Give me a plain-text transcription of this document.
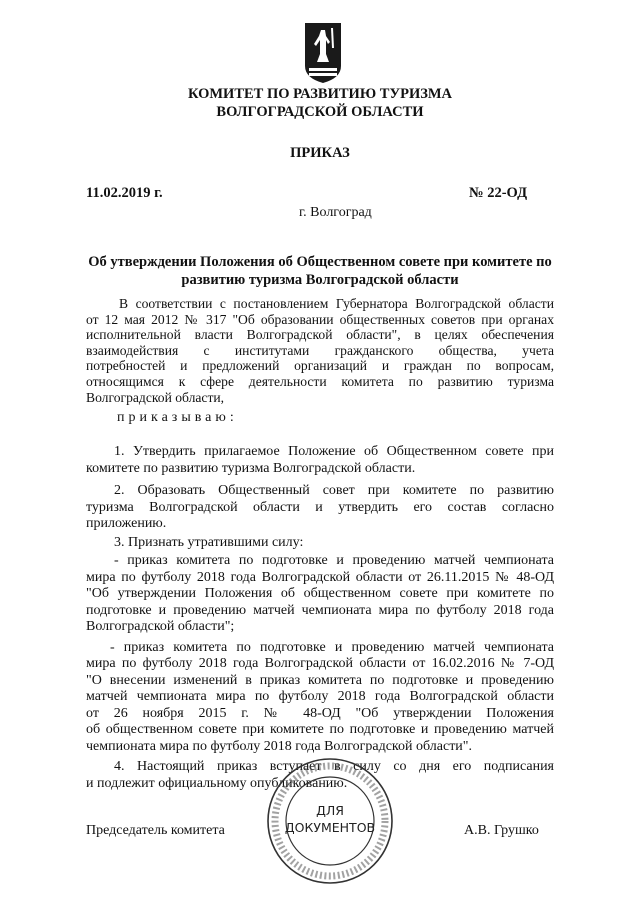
КОМИТЕТ ПО РАЗВИТИЮ ТУРИЗМА
ВОЛГОГРАДСКОЙ ОБЛАСТИ
ПРИКАЗ
11.02.2019 г.	№ 22-ОД
г. Волгоград
Об утверждении Положения об Общественном совете при комитете по
развитию туризма Волгоградской области
В соответствии с постановлением Губернатора Волгоградской области
от 12 мая 2012 № 317 "Об образовании общественных советов при органах
исполнительной власти Волгоградской области", в целях обеспечения
взаимодействия с институтами гражданского общества, учета
потребностей и предложений организаций и граждан по вопросам,
относящимся к сфере деятельности комитета по развитию туризма
Волгоградской области,
приказываю:
1. Утвердить прилагаемое Положение об Общественном совете при
комитете по развитию туризма Волгоградской области.
2. Образовать Общественный совет при комитете по развитию
туризма Волгоградской области и утвердить его состав согласно
приложению.
3. Признать утратившими силу:
- приказ комитета по подготовке и проведению матчей чемпионата
мира по футболу 2018 года Волгоградской области от 26.11.2015 № 48-ОД
"Об утверждении Положения об общественном совете при комитете по
подготовке и проведению матчей чемпионата мира по футболу 2018 года
Волгоградской области";
- приказ комитета по подготовке и проведению матчей чемпионата
мира по футболу 2018 года Волгоградской области от 16.02.2016 № 7-ОД
"О внесении изменений в приказ комитета по подготовке и проведению
матчей чемпионата мира по футболу 2018 года Волгоградской области
от 26 ноября 2015 г. № 48-ОД "Об утверждении Положения
об общественном совете при комитете по подготовке и проведению матчей
чемпионата мира по футболу 2018 года Волгоградской области".
4. Настоящий приказ вступает в силу со дня его подписания
и подлежит официальному опубликованию.
Председатель комитета	А.В. Грушко
ДЛЯ
ДОКУМЕНТОВ
